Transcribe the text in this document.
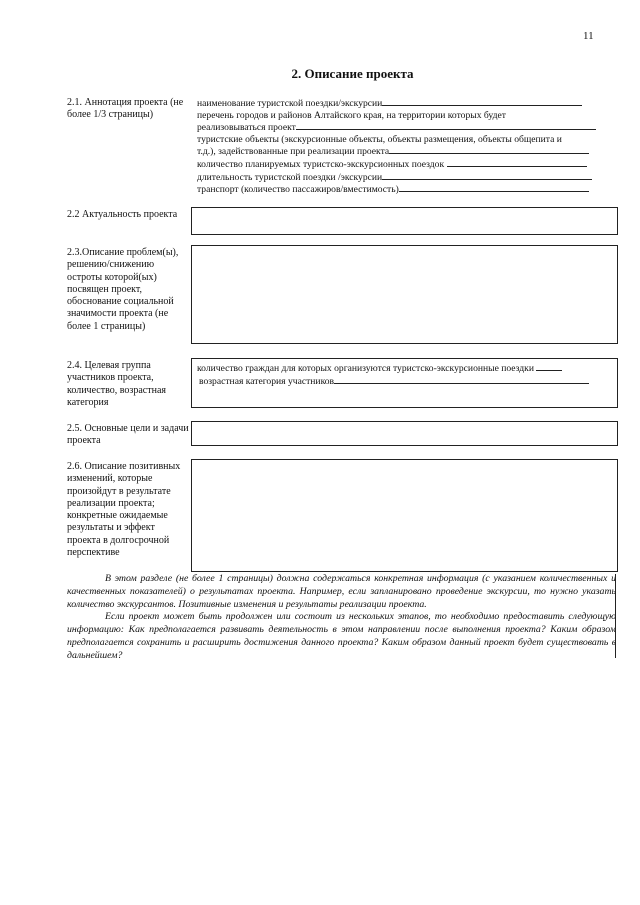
11
2. Описание проекта
2.1. Аннотация проекта (не более 1/3 страницы)
наименование туристской поездки/экскурсии
перечень городов и районов Алтайского края, на территории которых будет
реализовываться проект
туристские объекты (экскурсионные объекты, объекты размещения, объекты общепита и
т.д.), задействованные при реализации проекта
количество планируемых туристско-экскурсионных поездок
длительность туристской поездки /экскурсии
транспорт (количество пассажиров/вместимость)
2.2 Актуальность проекта
2.3.Описание проблем(ы), решению/снижению остроты которой(ых) посвящен проект, обоснование социальной значимости проекта (не более 1 страницы)
2.4. Целевая группа участников проекта, количество, возрастная категория
количество граждан для которых организуются туристско-экскурсионные поездки
возрастная категория участников
2.5. Основные цели и задачи проекта
2.6. Описание позитивных изменений, которые произойдут в результате реализации проекта; конкретные ожидаемые результаты и эффект проекта в долгосрочной перспективе

В этом разделе (не более 1 страницы) должна содержаться конкретная информация (с указанием количественных и качественных показателей) о результатах проекта. Например, если запланировано проведение экскурсии, то нужно указать количество экскурсантов. Позитивные изменения и результаты реализации проекта.

Если проект может быть продолжен или состоит из нескольких этапов, то необходимо предоставить следующую информацию: Как предполагается развивать деятельность в этом направлении после выполнения проекта? Каким образом предполагается сохранить и расширить достижения данного проекта? Каким образом данный проект будет существовать в дальнейшем?
